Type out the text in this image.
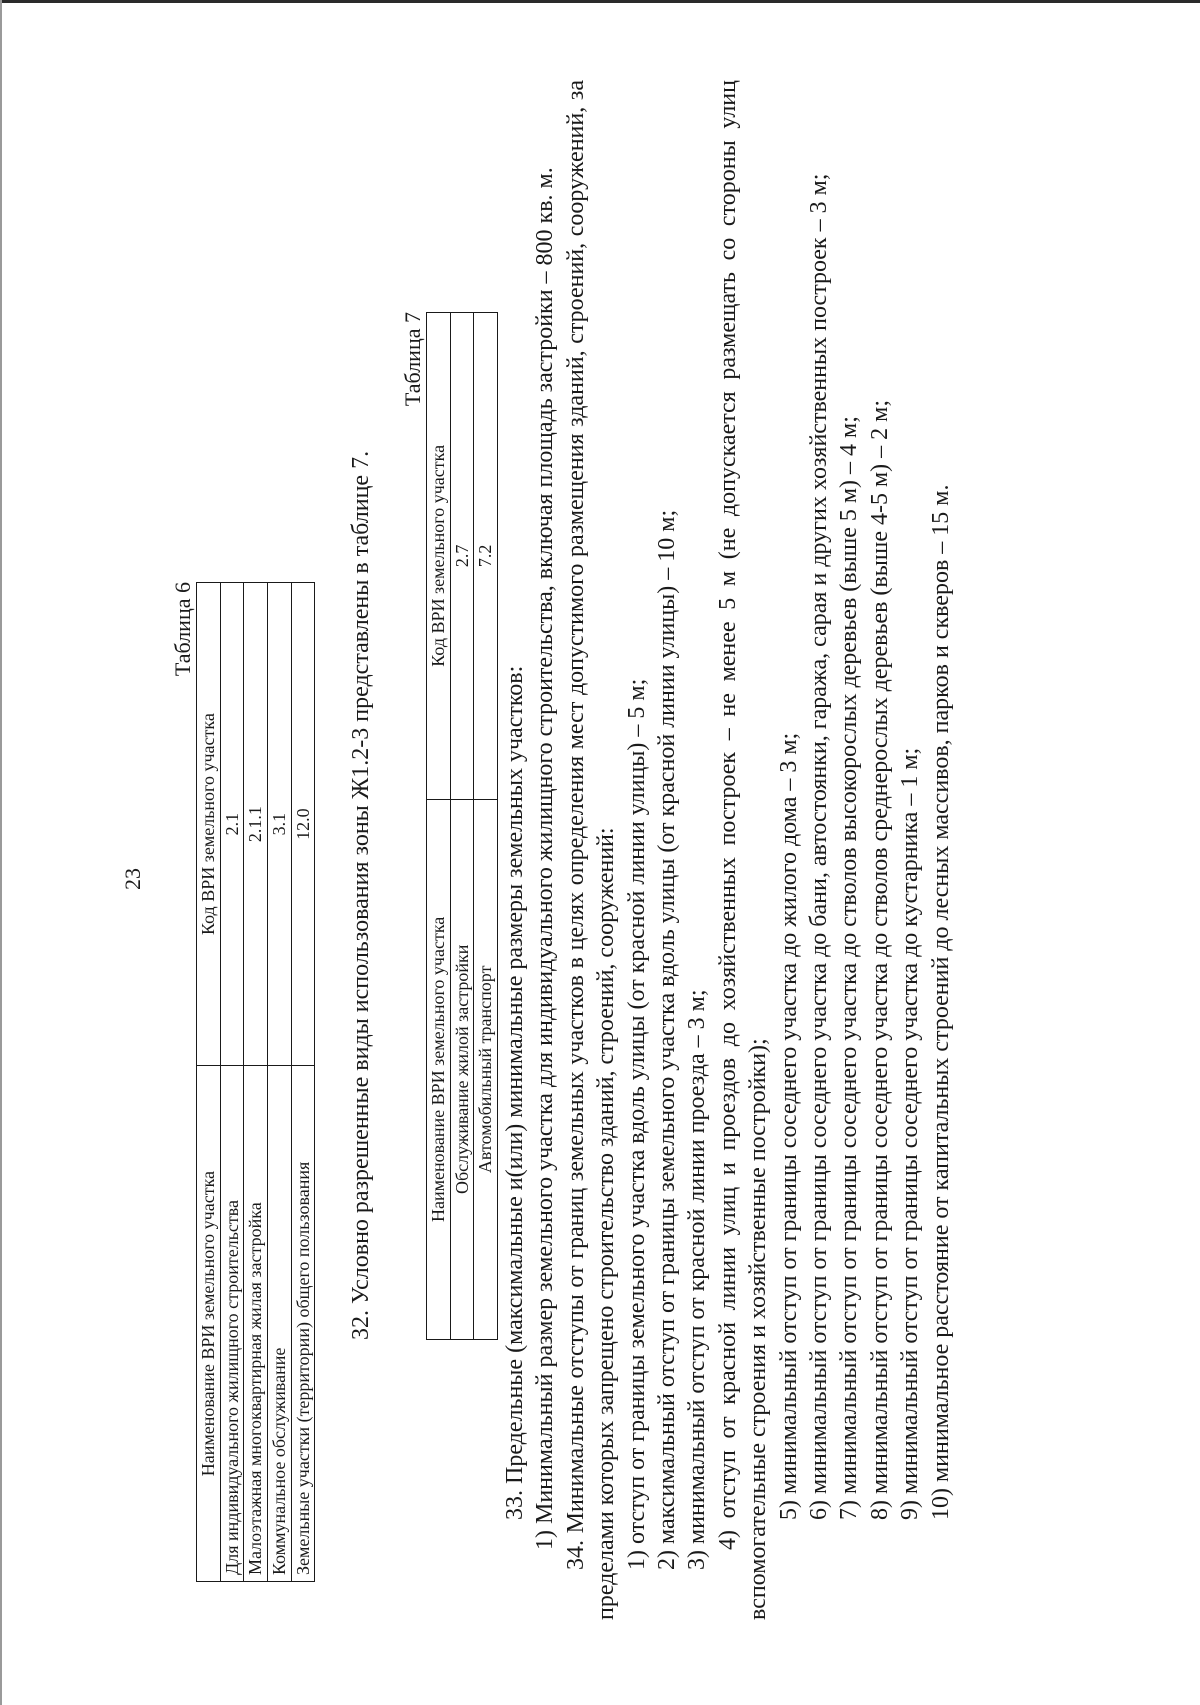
23
Таблица 6
Наименование ВРИ земельного участка	Код ВРИ земельного участка
Для индивидуального жилищного строительства	2.1
Малоэтажная многоквартирная жилая застройка	2.1.1
Коммунальное обслуживание	3.1
Земельные участки (территории) общего пользования	12.0 32. Условно разрешенные виды использования зоны Ж1.2-3 представлены в таблице 7.
Таблица 7
Наименование ВРИ земельного участка	Код ВРИ земельного участка
Обслуживание жилой застройки	2.7
Автомобильный транспорт	7.2

33. Предельные (максимальные и(или) минимальные размеры земельных участков: 1) Минимальный размер земельного участка для индивидуального жилищного строительства, включая площадь застройки – 800 кв. м. 34. Минимальные отступы от границ земельных участков в целях определения мест допустимого размещения зданий, строений, сооружений, за пределами которых запрещено строительство зданий, строений, сооружений: 1) отступ от границы земельного участка вдоль улицы (от красной линии улицы) – 5 м; 2) максимальный отступ от границы земельного участка вдоль улицы (от красной линии улицы) – 10 м; 3) минимальный отступ от красной линии проезда – 3 м; 4) отступ от красной линии улиц и проездов до хозяйственных построек – не менее 5 м (не допускается размещать со стороны улиц вспомогательные строения и хозяйственные постройки); 5) минимальный отступ от границы соседнего участка до жилого дома – 3 м; 6) минимальный отступ от границы соседнего участка до бани, автостоянки, гаража, сарая и других хозяйственных построек – 3 м; 7) минимальный отступ от границы соседнего участка до стволов высокорослых деревьев (выше 5 м) – 4 м; 8) минимальный отступ от границы соседнего участка до стволов среднерослых деревьев (выше 4-5 м) – 2 м; 9) минимальный отступ от границы соседнего участка до кустарника – 1 м; 10) минимальное расстояние от капитальных строений до лесных массивов, парков и скверов – 15 м.
